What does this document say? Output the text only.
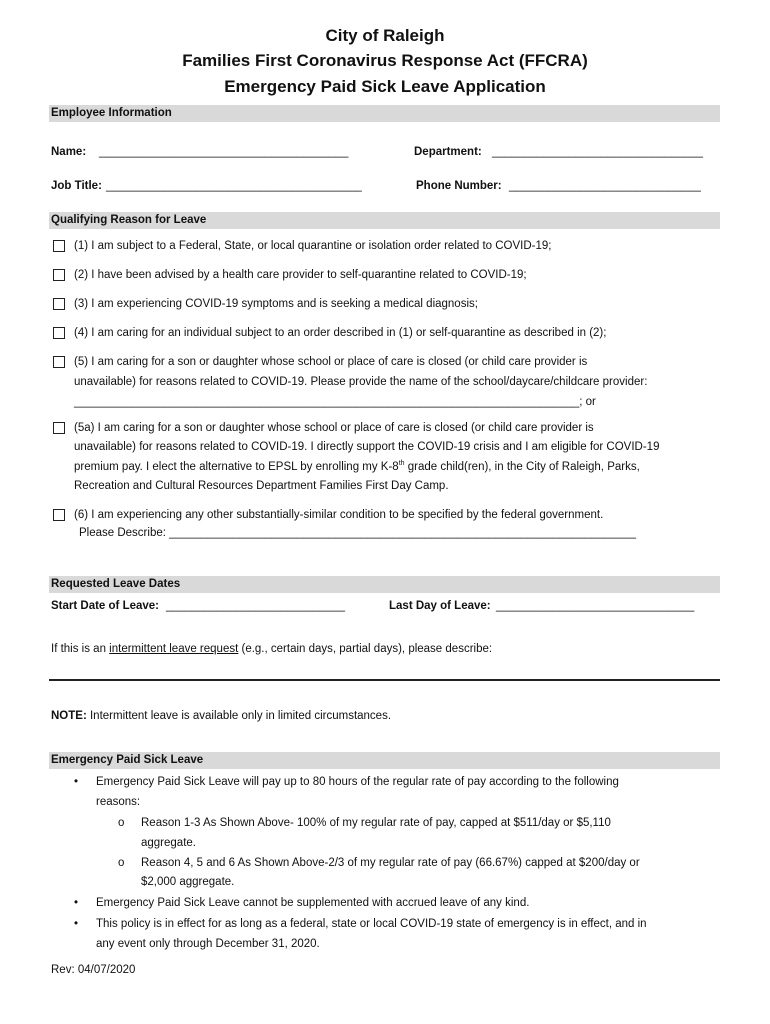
City of Raleigh
Families First Coronavirus Response Act (FFCRA)
Emergency Paid Sick Leave Application
Employee Information
Name: _______________________________________	Department: _________________________________
Job Title: ________________________________________	Phone Number: ______________________________
Qualifying Reason for Leave
(1) I am subject to a Federal, State, or local quarantine or isolation order related to COVID-19;
(2) I have been advised by a health care provider to self-quarantine related to COVID-19;
(3) I am experiencing COVID-19 symptoms and is seeking a medical diagnosis;
(4) I am caring for an individual subject to an order described in (1) or self-quarantine as described in (2);
(5) I am caring for a son or daughter whose school or place of care is closed (or child care provider is
unavailable) for reasons related to COVID-19. Please provide the name of the school/daycare/childcare provider:
_______________________________________________________________________________; or
(5a) I am caring for a son or daughter whose school or place of care is closed (or child care provider is
unavailable) for reasons related to COVID-19. I directly support the COVID-19 crisis and I am eligible for COVID-19
premium pay. I elect the alternative to EPSL by enrolling my K-8th grade child(ren), in the City of Raleigh, Parks,
Recreation and Cultural Resources Department Families First Day Camp.
(6) I am experiencing any other substantially-similar condition to be specified by the federal government.
Please Describe: _________________________________________________________________________
Requested Leave Dates
Start Date of Leave: ____________________________	Last Day of Leave: _______________________________
If this is an intermittent leave request (e.g., certain days, partial days), please describe:
NOTE: Intermittent leave is available only in limited circumstances.
Emergency Paid Sick Leave
• Emergency Paid Sick Leave will pay up to 80 hours of the regular rate of pay according to the following
reasons:
o Reason 1-3 As Shown Above- 100% of my regular rate of pay, capped at $511/day or $5,110
aggregate.
o Reason 4, 5 and 6 As Shown Above-2/3 of my regular rate of pay (66.67%) capped at $200/day or
$2,000 aggregate.
• Emergency Paid Sick Leave cannot be supplemented with accrued leave of any kind.
• This policy is in effect for as long as a federal, state or local COVID-19 state of emergency is in effect, and in
any event only through December 31, 2020.
Rev: 04/07/2020
